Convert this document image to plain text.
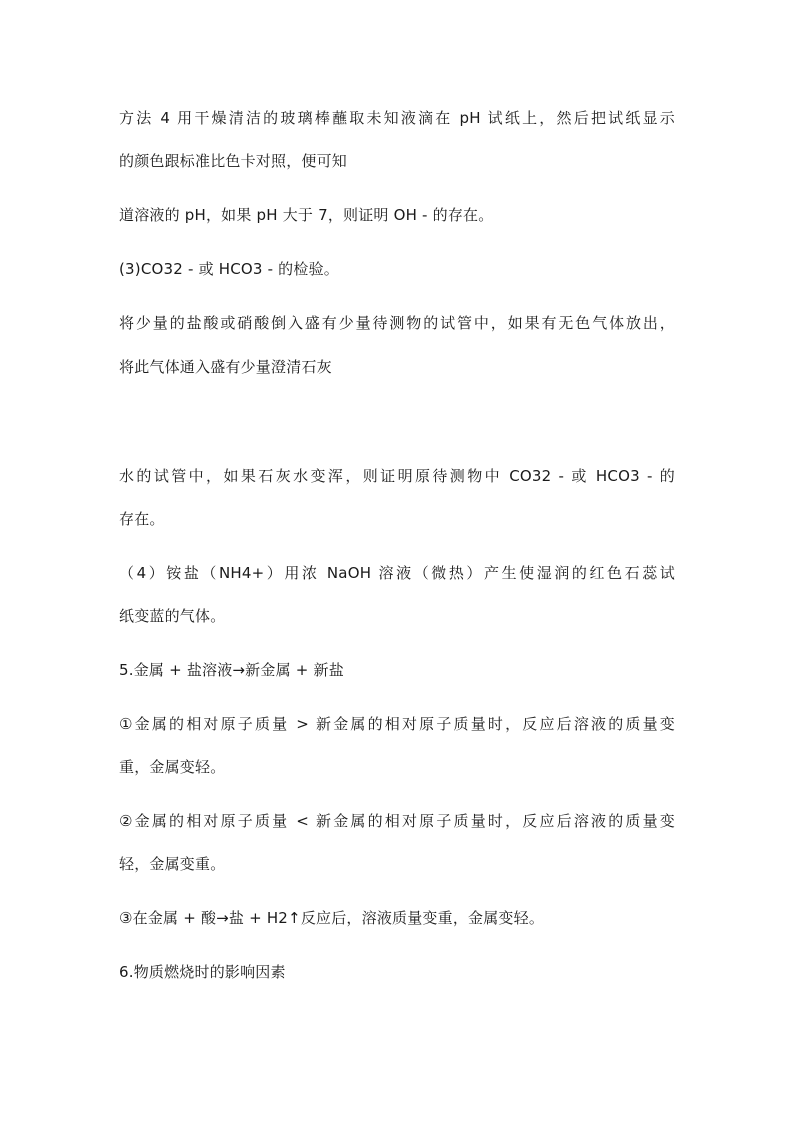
方法 4 用干燥清洁的玻璃棒蘸取未知液滴在 pH 试纸上，然后把试纸显示
的颜色跟标准比色卡对照，便可知
道溶液的 pH，如果 pH 大于 7，则证明 OH - 的存在。
(3)CO32 - 或 HCO3 - 的检验。
将少量的盐酸或硝酸倒入盛有少量待测物的试管中，如果有无色气体放出，
将此气体通入盛有少量澄清石灰
水的试管中，如果石灰水变浑，则证明原待测物中 CO32 - 或 HCO3 - 的
存在。
（4）铵盐（NH4+）用浓 NaOH 溶液（微热）产生使湿润的红色石蕊试
纸变蓝的气体。
5.金属 + 盐溶液→新金属 + 新盐
①金属的相对原子质量 > 新金属的相对原子质量时，反应后溶液的质量变
重，金属变轻。
②金属的相对原子质量 < 新金属的相对原子质量时，反应后溶液的质量变
轻，金属变重。
③在金属 + 酸→盐 + H2↑反应后，溶液质量变重，金属变轻。
6.物质燃烧时的影响因素
